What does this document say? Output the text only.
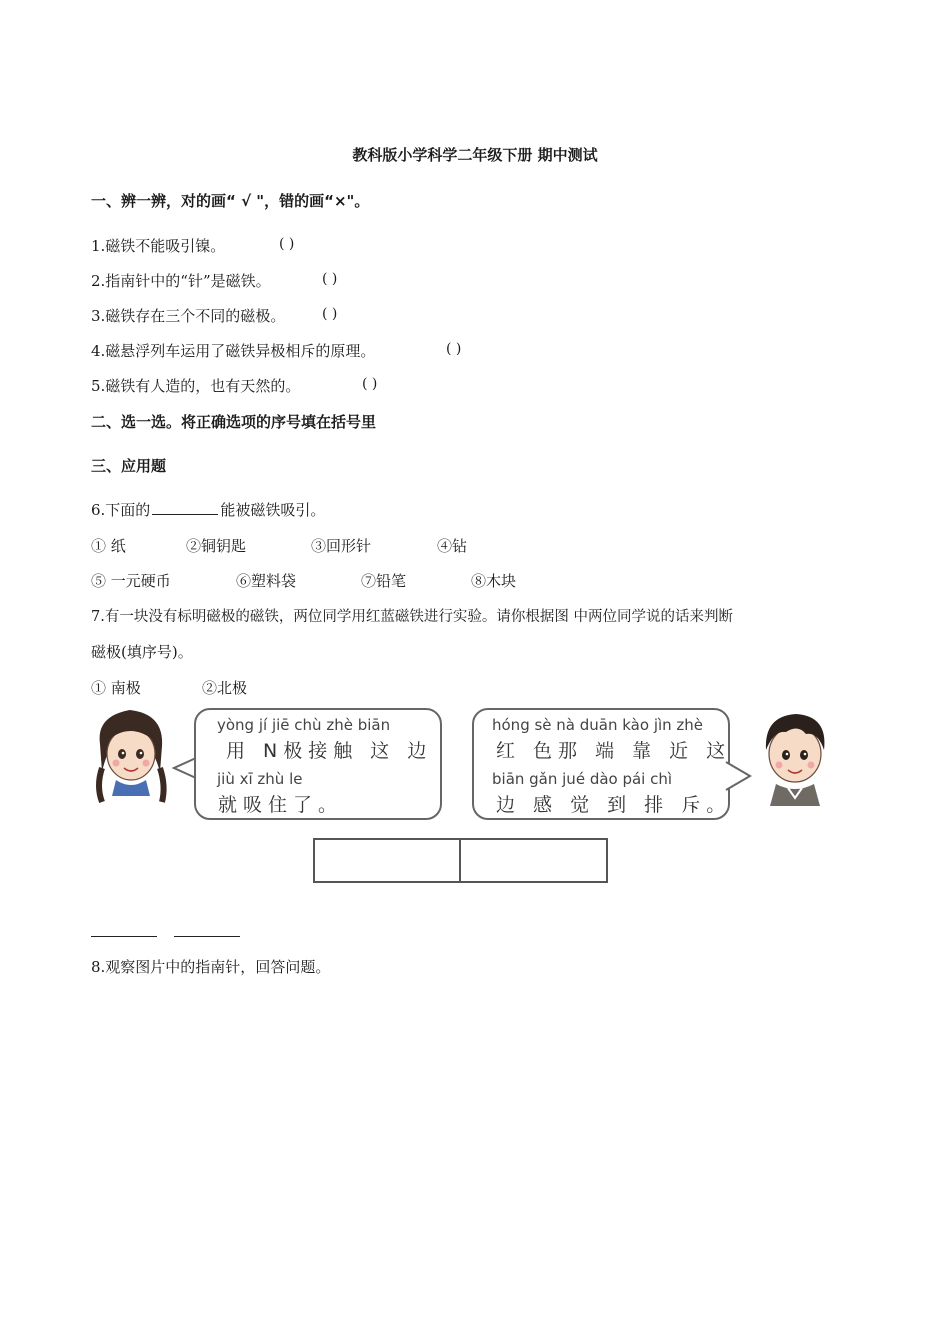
教科版小学科学二年级下册 期中测试
一、辨一辨，对的画“ √ "，错的画“×"。
1.磁铁不能吸引镍。	( )
2.指南针中的“针”是磁铁。	( )
3.磁铁存在三个不同的磁极。	( )
4.磁悬浮列车运用了磁铁异极相斥的原理。	( )
5.磁铁有人造的，也有天然的。	( )
二、选一选。将正确选项的序号填在括号里
三、应用题
6.下面的	能被磁铁吸引。
① 纸	②铜钥匙	③回形针	④钻
⑤ 一元硬币	⑥塑料袋	⑦铅笔	⑧木块
7.有一块没有标明磁极的磁铁，两位同学用红蓝磁铁进行实验。请你根据图 中两位同学说的话来判断
磁极(填序号)。
① 南极	②北极
yòng jí jiē chù zhè biān
用 N极接触 这 边
jiù xī zhù le
就吸住了。
hóng sè nà duān kào jìn zhè
红 色那 端 靠 近 这
biān gǎn jué dào pái chì
边 感 觉 到 排 斥。
8.观察图片中的指南针，回答问题。
